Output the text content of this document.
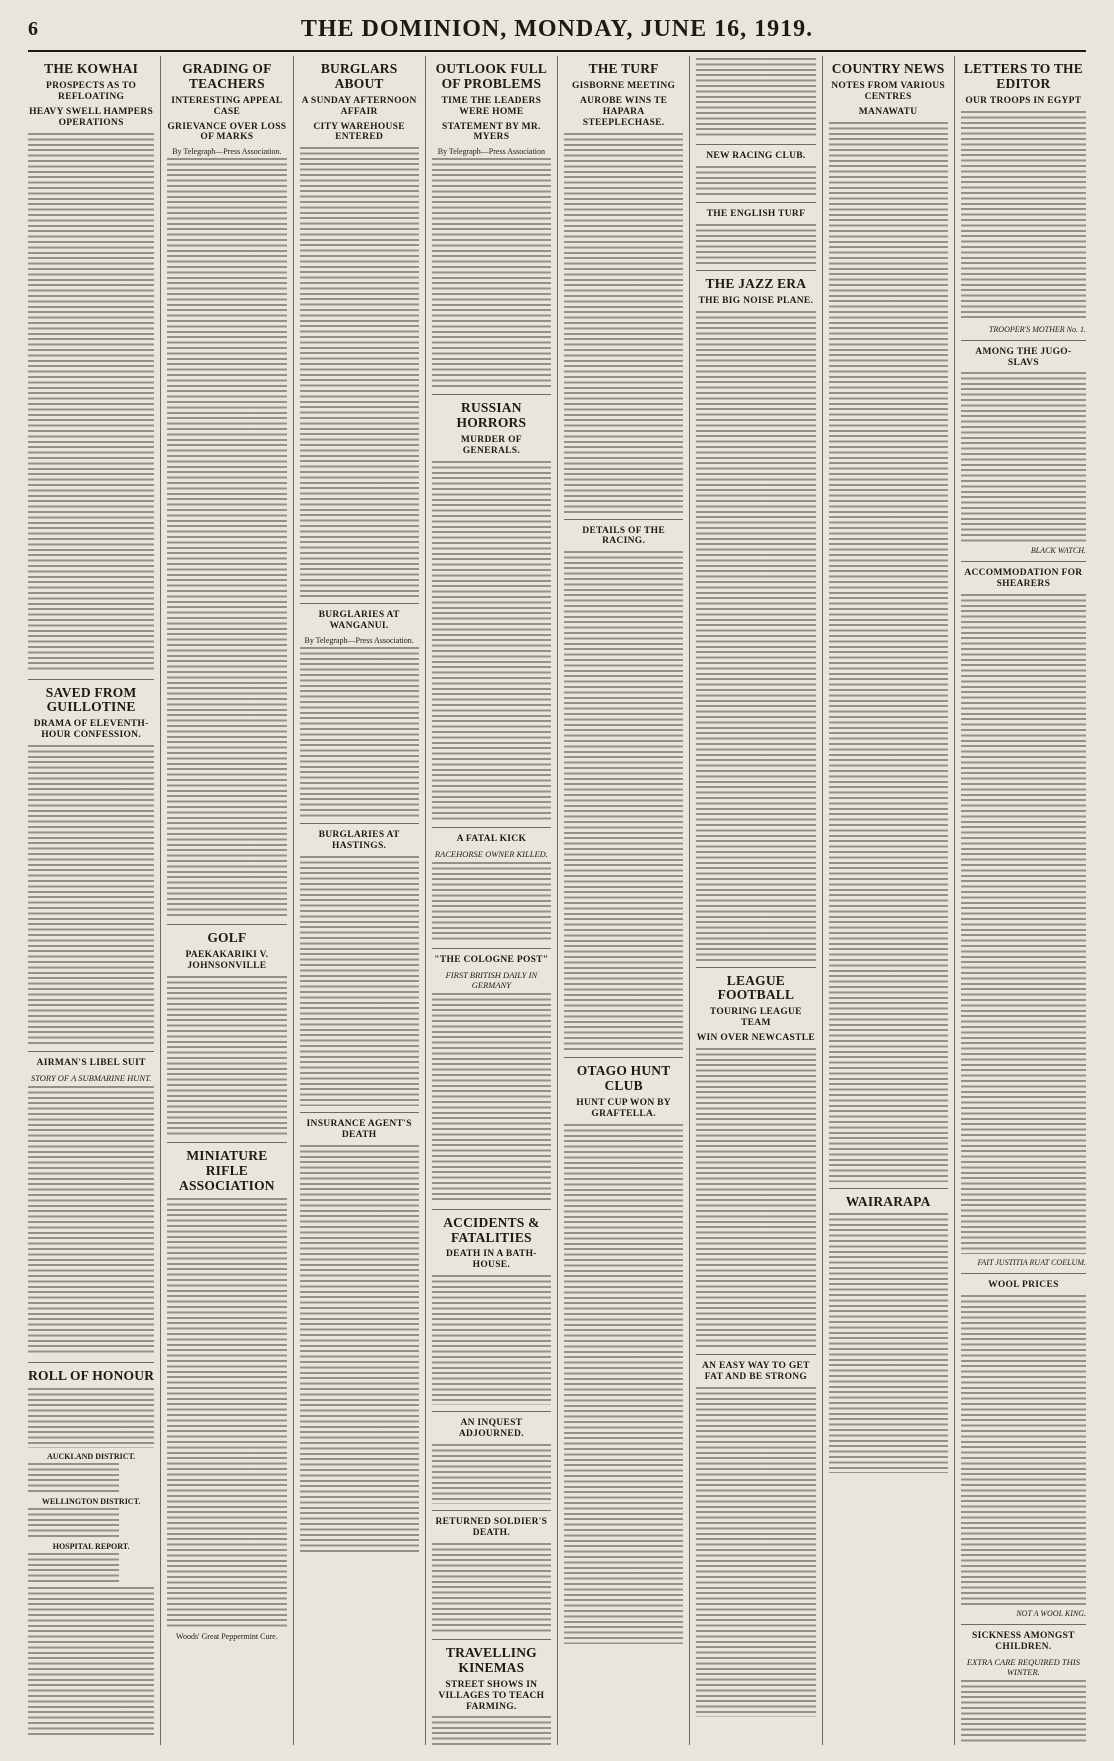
6	THE DOMINION, MONDAY, JUNE 16, 1919.
THE KOWHAI
PROSPECTS AS TO REFLOATING
HEAVY SWELL HAMPERS OPERATIONS
SAVED FROM GUILLOTINE
DRAMA OF ELEVENTH-HOUR CONFESSION.
AIRMAN'S LIBEL SUIT
STORY OF A SUBMARINE HUNT.
ROLL OF HONOUR
AUCKLAND DISTRICT.
WELLINGTON DISTRICT.
HOSPITAL REPORT.
GRADING OF TEACHERS
INTERESTING APPEAL CASE
GRIEVANCE OVER LOSS OF MARKS
By Telegraph—Press Association.
GOLF
PAEKAKARIKI V. JOHNSONVILLE
MINIATURE RIFLE ASSOCIATION
Woods' Great Peppermint Cure.
BURGLARS ABOUT
A SUNDAY AFTERNOON AFFAIR
CITY WAREHOUSE ENTERED
BURGLARIES AT WANGANUI.
By Telegraph—Press Association.
BURGLARIES AT HASTINGS.
INSURANCE AGENT'S DEATH
OUTLOOK FULL OF PROBLEMS
TIME THE LEADERS WERE HOME
STATEMENT BY MR. MYERS
By Telegraph—Press Association
RUSSIAN HORRORS
MURDER OF GENERALS.
A FATAL KICK
RACEHORSE OWNER KILLED.
"THE COLOGNE POST"
FIRST BRITISH DAILY IN GERMANY
ACCIDENTS & FATALITIES
DEATH IN A BATH-HOUSE.
AN INQUEST ADJOURNED.
RETURNED SOLDIER'S DEATH.
TRAVELLING KINEMAS
STREET SHOWS IN VILLAGES TO TEACH FARMING.
THE TURF
GISBORNE MEETING
AUROBE WINS TE HAPARA STEEPLECHASE.
DETAILS OF THE RACING.
OTAGO HUNT CLUB
HUNT CUP WON BY GRAFTELLA.
NEW RACING CLUB.
THE ENGLISH TURF
THE JAZZ ERA
THE BIG NOISE PLANE.
LEAGUE FOOTBALL
TOURING LEAGUE TEAM
WIN OVER NEWCASTLE
AN EASY WAY TO GET FAT AND BE STRONG
COUNTRY NEWS
NOTES FROM VARIOUS CENTRES
MANAWATU
WAIRARAPA
LETTERS TO THE EDITOR
OUR TROOPS IN EGYPT
TROOPER'S MOTHER No. 1.
AMONG THE JUGO-SLAVS
BLACK WATCH.
ACCOMMODATION FOR SHEARERS
FAIT JUSTITIA RUAT COELUM.
WOOL PRICES
NOT A WOOL KING.
SICKNESS AMONGST CHILDREN.
EXTRA CARE REQUIRED THIS WINTER.
